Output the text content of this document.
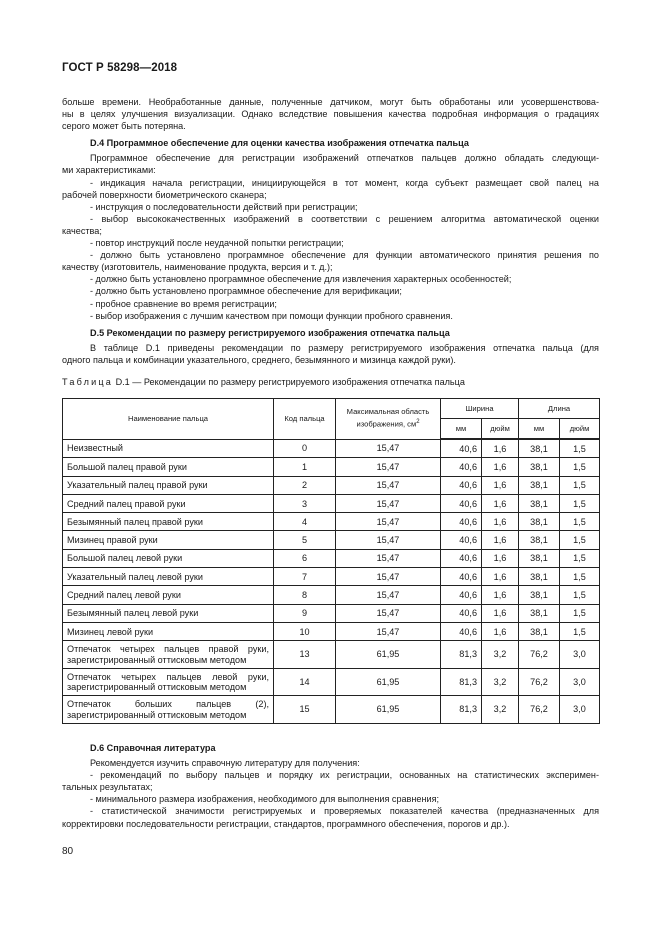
ГОСТ Р 58298—2018

больше времени. Необработанные данные, полученные датчиком, могут быть обработаны или усовершенствова-

ны в целях улучшения визуализации. Однако вследствие повышения качества подробная информация о градациях

серого может быть потеряна.

D.4 Программное обеспечение для оценки качества изображения отпечатка пальца

Программное обеспечение для регистрации изображений отпечатков пальцев должно обладать следующи-

ми характеристиками:

- индикация начала регистрации, инициирующейся в тот момент, когда субъект размещает свой палец на

рабочей поверхности биометрического сканера;

- инструкция о последовательности действий при регистрации;

- выбор высококачественных изображений в соответствии с решением алгоритма автоматической оценки

качества;

- повтор инструкций после неудачной попытки регистрации;

- должно быть установлено программное обеспечение для функции автоматического принятия решения по

качеству (изготовитель, наименование продукта, версия и т. д.);

- должно быть установлено программное обеспечение для извлечения характерных особенностей;

- должно быть установлено программное обеспечение для верификации;

- пробное сравнение во время регистрации;

- выбор изображения с лучшим качеством при помощи функции пробного сравнения.

D.5 Рекомендации по размеру регистрируемого изображения отпечатка пальца

В таблице D.1 приведены рекомендации по размеру регистрируемого изображения отпечатка пальца (для

одного пальца и комбинации указательного, среднего, безымянного и мизинца каждой руки).

Таблица D.1 — Рекомендации по размеру регистрируемого изображения отпечатка пальца
Наименование пальца	Код пальца	Максимальная область изображения, $см^2$	Ширина		Длина	
			мм	дюйм	мм	дюйм
Неизвестный	0	15,47	40,6	1,6	38,1	1,5
Большой палец правой руки	1	15,47	40,6	1,6	38,1	1,5
Указательный палец правой руки	2	15,47	40,6	1,6	38,1	1,5
Средний палец правой руки	3	15,47	40,6	1,6	38,1	1,5
Безымянный палец правой руки	4	15,47	40,6	1,6	38,1	1,5
Мизинец правой руки	5	15,47	40,6	1,6	38,1	1,5
Большой палец левой руки	6	15,47	40,6	1,6	38,1	1,5
Указательный палец левой руки	7	15,47	40,6	1,6	38,1	1,5
Средний палец левой руки	8	15,47	40,6	1,6	38,1	1,5
Безымянный палец левой руки	9	15,47	40,6	1,6	38,1	1,5
Мизинец левой руки	10	15,47	40,6	1,6	38,1	1,5
Отпечаток четырех пальцев правой руки, зарегистрированный оттисковым методом	13	61,95	81,3	3,2	76,2	3,0
Отпечаток четырех пальцев левой руки, зарегистрированный оттисковым методом	14	61,95	81,3	3,2	76,2	3,0
Отпечаток больших пальцев (2), зарегистрированный оттисковым методом	15	61,95	81,3	3,2	76,2	3,0

D.6 Справочная литература

Рекомендуется изучить справочную литературу для получения:

- рекомендаций по выбору пальцев и порядку их регистрации, основанных на статистических эксперимен-

тальных результатах;

- минимального размера изображения, необходимого для выполнения сравнения;

- статистической значимости регистрируемых и проверяемых показателей качества (предназначенных для

корректировки последовательности регистрации, стандартов, программного обеспечения, порогов и др.).

80
